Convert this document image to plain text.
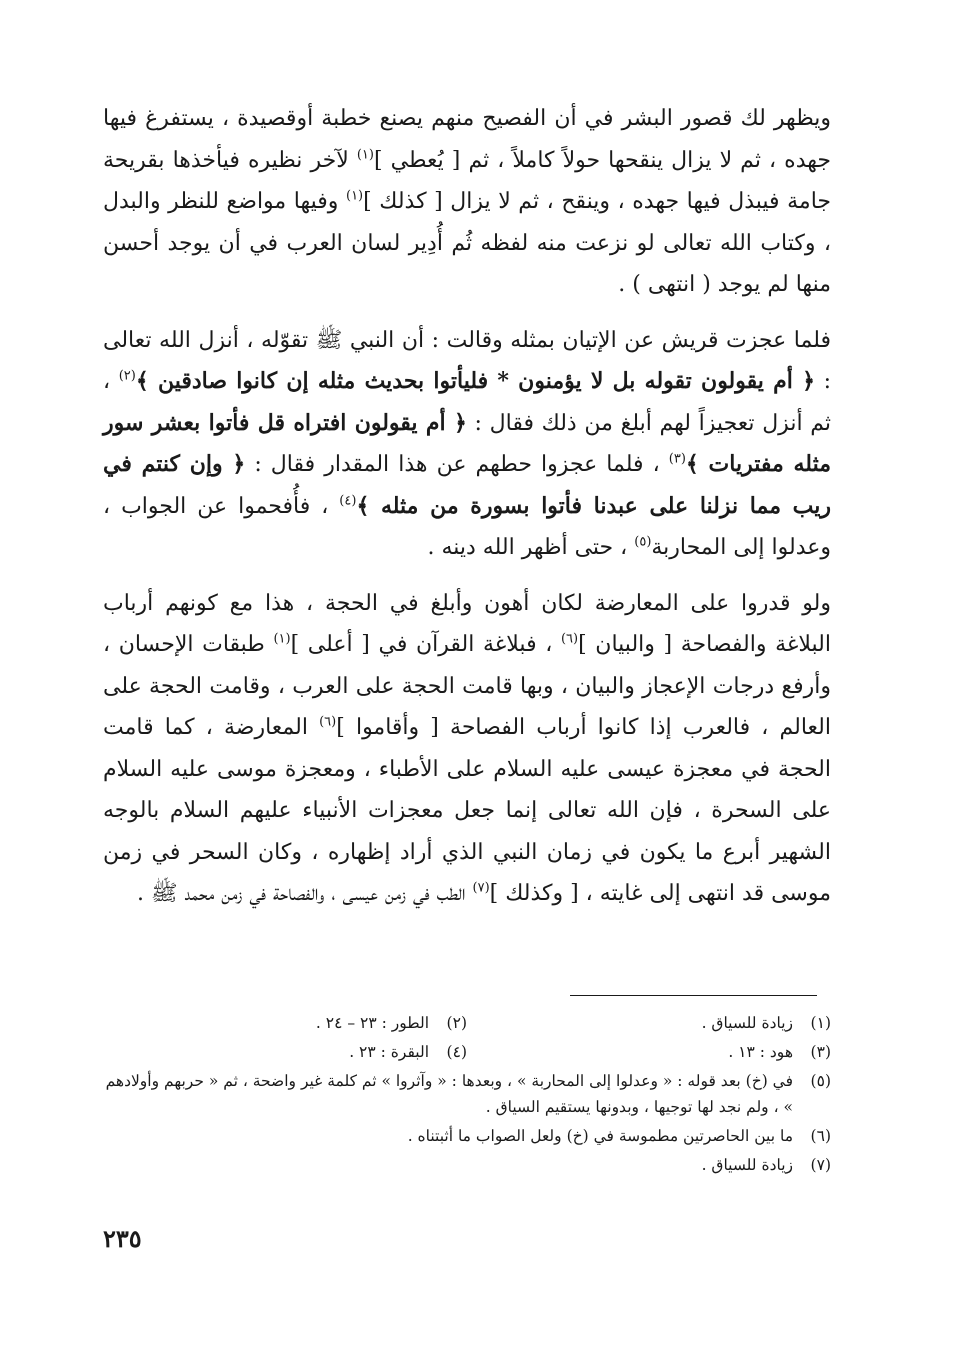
ويظهر لك قصور البشر في أن الفصيح منهم يصنع خطبة أوقصيدة ، يستفرغ فيها جهده ، ثم لا يزال ينقحها حولاً كاملاً ، ثم [ يُعطي ]$^{(١)}$ لآخر نظيره فيأخذها بقريحة جامة فيبذل فيها جهده ، وينقح ، ثم لا يزال [ كذلك ]$^{(١)}$ وفيها مواضع للنظر والبدل ، وكتاب الله تعالى لو نزعت منه لفظه ثُم أُدِير لسان العرب في أن يوجد أحسن منها لم يوجد ( انتهى ) .

فلما عجزت قريش عن الإتيان بمثله وقالت : أن النبي ﷺ تقوّله ، أنزل الله تعالى : ﴿ أم يقولون تقوله بل لا يؤمنون * فليأتوا بحديث مثله إن كانوا صادقين ﴾$^{(٢)}$ ، ثم أنزل تعجيزاً لهم أبلغ من ذلك فقال : ﴿ أم يقولون افتراه قل فأتوا بعشر سور مثله مفتريات ﴾$^{(٣)}$ ، فلما عجزوا حطهم عن هذا المقدار فقال : ﴿ وإن كنتم في ريب مما نزلنا على عبدنا فأتوا بسورة من مثله ﴾$^{(٤)}$ ، فأُفحموا عن الجواب ، وعدلوا إلى المحاربة$^{(٥)}$ ، حتى أظهر الله دينه .

ولو قدروا على المعارضة لكان أهون وأبلغ في الحجة ، هذا مع كونهم أرباب البلاغة والفصاحة [ والبيان ]$^{(٦)}$ ، فبلاغة القرآن في [ أعلى ]$^{(١)}$ طبقات الإحسان ، وأرفع درجات الإعجاز والبيان ، وبها قامت الحجة على العرب ، وقامت الحجة على العالم ، فالعرب إذا كانوا أرباب الفصاحة [ وأقاموا ]$^{(٦)}$ المعارضة ، كما قامت الحجة في معجزة عيسى عليه السلام على الأطباء ، ومعجزة موسى عليه السلام على السحرة ، فإن الله تعالى إنما جعل معجزات الأنبياء عليهم السلام بالوجه الشهير أبرع ما يكون في زمان النبي الذي أراد إظهاره ، وكان السحر في زمن موسى قد انتهى إلى غايته ، [ وكذلك ]$^{(٧)}$ الطب في زمن عيسى ، والفصاحة في زمن محمد ﷺ .

(١)
زيادة للسياق .
(٢)
الطور : ٢٣ – ٢٤ .
(٣)
هود : ١٣ .
(٤)
البقرة : ٢٣ .
(٥)
في (خ) بعد قوله : « وعدلوا إلى المحاربة » ، وبعدها : « وآثروا » ثم كلمة غير واضحة ، ثم « حربهم وأولادهم » ، ولم نجد لها توجيها ، وبدونها يستقيم السياق .
(٦)
ما بين الحاصرتين مطموسة في (خ) ولعل الصواب ما أثبتناه .
(٧)
زيادة للسياق .
٢٣٥
